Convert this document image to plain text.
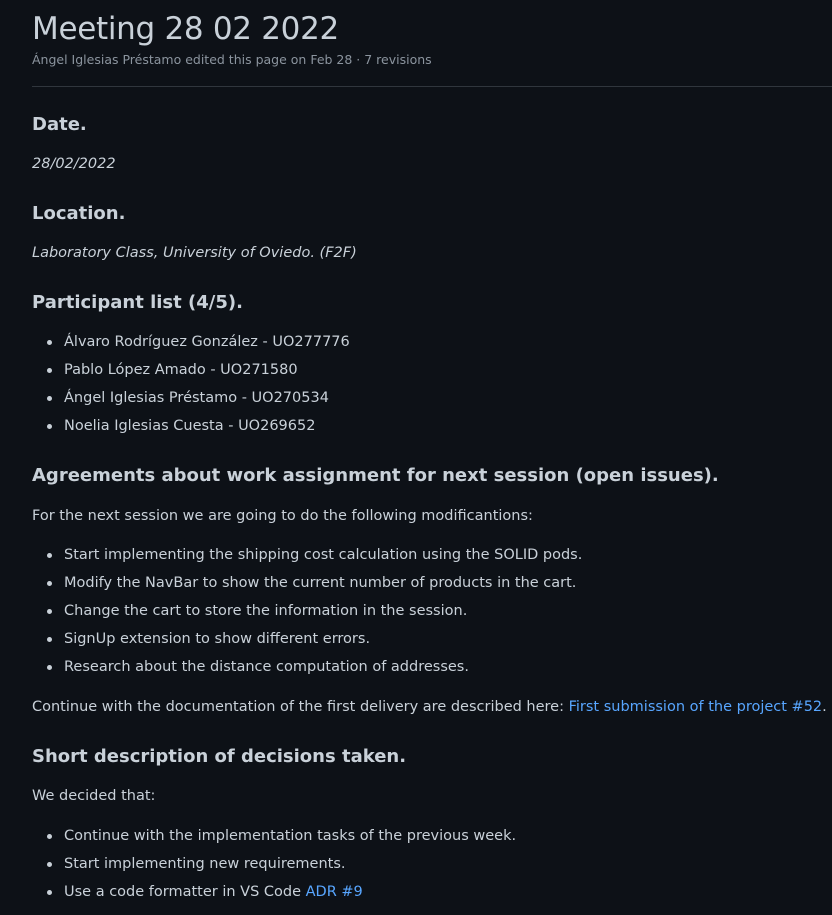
Meeting 28 02 2022
Ángel Iglesias Préstamo edited this page on Feb 28 · 7 revisions
Date.

28/02/2022

Location.

Laboratory Class, University of Oviedo. (F2F)

Participant list (4/5).
Álvaro Rodríguez González - UO277776
Pablo López Amado - UO271580
Ángel Iglesias Préstamo - UO270534
Noelia Iglesias Cuesta - UO269652
Agreements about work assignment for next session (open issues).

For the next session we are going to do the following modificantions:

Start implementing the shipping cost calculation using the SOLID pods.
Modify the NavBar to show the current number of products in the cart.
Change the cart to store the information in the session.
SignUp extension to show different errors.
Research about the distance computation of addresses.

Continue with the documentation of the first delivery are described here: First submission of the project #52.

Short description of decisions taken.

We decided that:

Continue with the implementation tasks of the previous week.
Start implementing new requirements.
Use a code formatter in VS Code ADR #9
